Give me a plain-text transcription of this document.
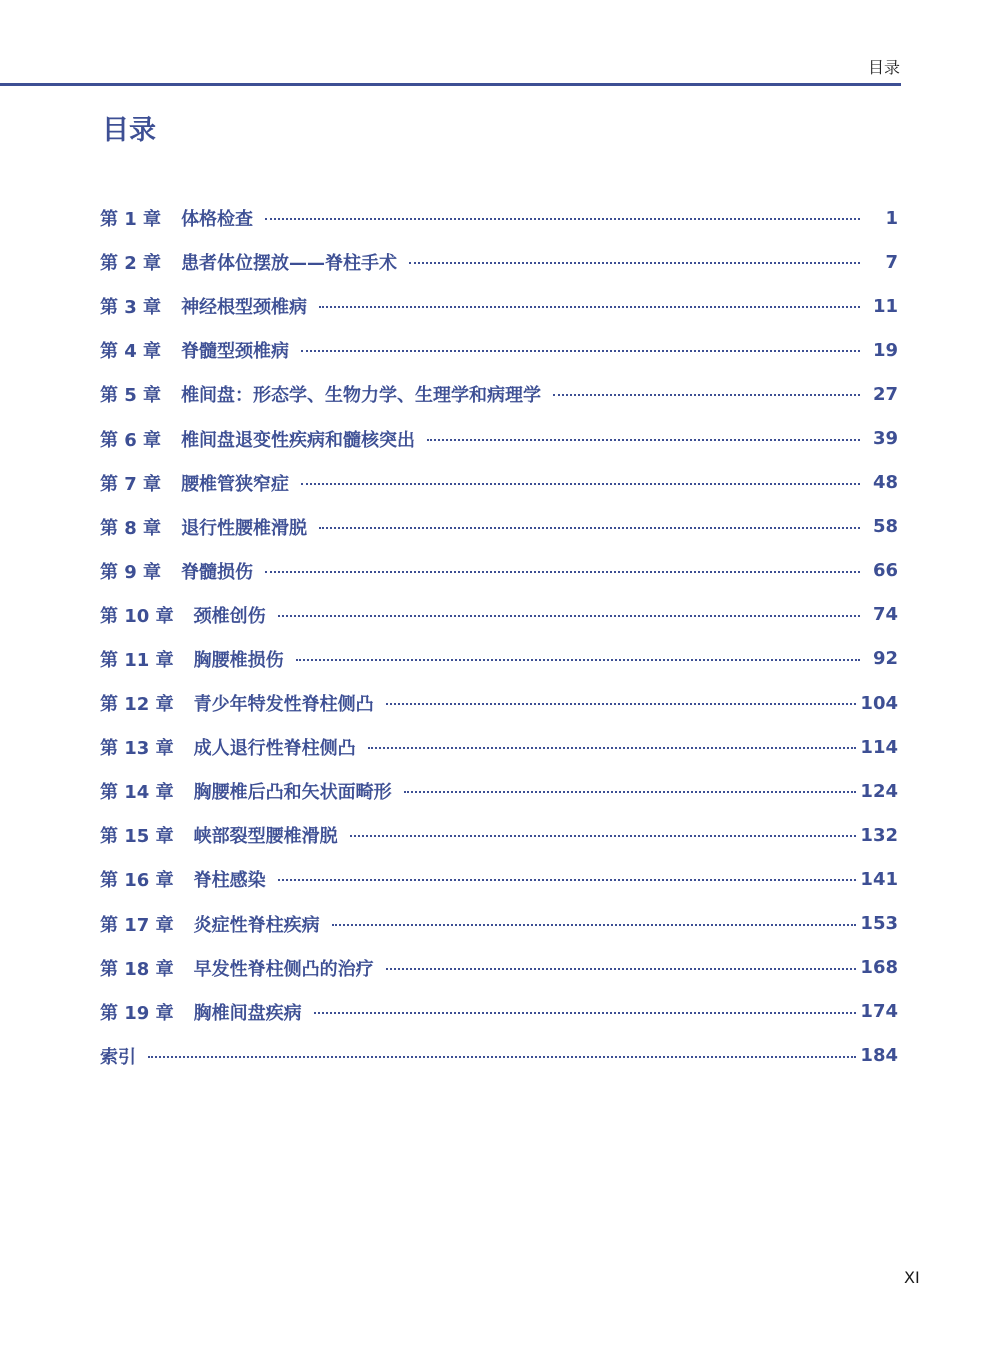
目录
目录
第 1 章 体格检查	1
第 2 章 患者体位摆放——脊柱手术	7
第 3 章 神经根型颈椎病	11
第 4 章 脊髓型颈椎病	19
第 5 章 椎间盘：形态学、生物力学、生理学和病理学	27
第 6 章 椎间盘退变性疾病和髓核突出	39
第 7 章 腰椎管狭窄症	48
第 8 章 退行性腰椎滑脱	58
第 9 章 脊髓损伤	66
第 10 章 颈椎创伤	74
第 11 章 胸腰椎损伤	92
第 12 章 青少年特发性脊柱侧凸	104
第 13 章 成人退行性脊柱侧凸	114
第 14 章 胸腰椎后凸和矢状面畸形	124
第 15 章 峡部裂型腰椎滑脱	132
第 16 章 脊柱感染	141
第 17 章 炎症性脊柱疾病	153
第 18 章 早发性脊柱侧凸的治疗	168
第 19 章 胸椎间盘疾病	174
索引	184
XI
